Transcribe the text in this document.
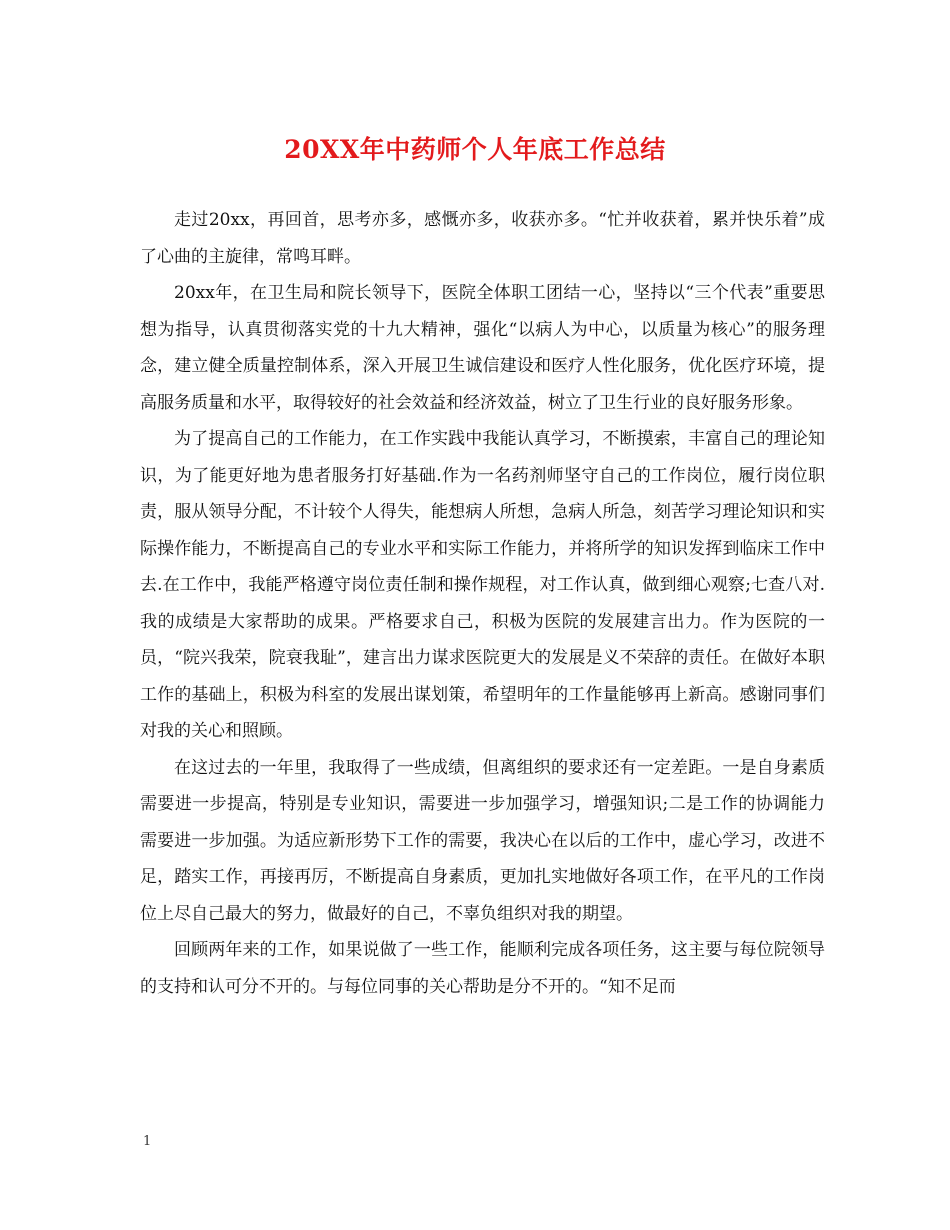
20XX年中药师个人年底工作总结

走过20xx，再回首，思考亦多，感慨亦多，收获亦多。“忙并收获着，累并快乐着”成了心曲的主旋律，常鸣耳畔。

20xx年，在卫生局和院长领导下，医院全体职工团结一心，坚持以“三个代表”重要思想为指导，认真贯彻落实党的十九大精神，强化“以病人为中心，以质量为核心”的服务理念，建立健全质量控制体系，深入开展卫生诚信建设和医疗人性化服务，优化医疗环境，提高服务质量和水平，取得较好的社会效益和经济效益，树立了卫生行业的良好服务形象。

为了提高自己的工作能力，在工作实践中我能认真学习，不断摸索，丰富自己的理论知识，为了能更好地为患者服务打好基础.作为一名药剂师坚守自己的工作岗位，履行岗位职责，服从领导分配，不计较个人得失，能想病人所想，急病人所急，刻苦学习理论知识和实际操作能力，不断提高自己的专业水平和实际工作能力，并将所学的知识发挥到临床工作中去.在工作中，我能严格遵守岗位责任制和操作规程，对工作认真，做到细心观察;七查八对.我的成绩是大家帮助的成果。严格要求自己，积极为医院的发展建言出力。作为医院的一员，“院兴我荣，院衰我耻”，建言出力谋求医院更大的发展是义不荣辞的责任。在做好本职工作的基础上，积极为科室的发展出谋划策，希望明年的工作量能够再上新高。感谢同事们对我的关心和照顾。

在这过去的一年里，我取得了一些成绩，但离组织的要求还有一定差距。一是自身素质需要进一步提高，特别是专业知识，需要进一步加强学习，增强知识;二是工作的协调能力需要进一步加强。为适应新形势下工作的需要，我决心在以后的工作中，虚心学习，改进不足，踏实工作，再接再厉，不断提高自身素质，更加扎实地做好各项工作，在平凡的工作岗位上尽自己最大的努力，做最好的自己，不辜负组织对我的期望。

回顾两年来的工作，如果说做了一些工作，能顺利完成各项任务，这主要与每位院领导的支持和认可分不开的。与每位同事的关心帮助是分不开的。“知不足而

1
